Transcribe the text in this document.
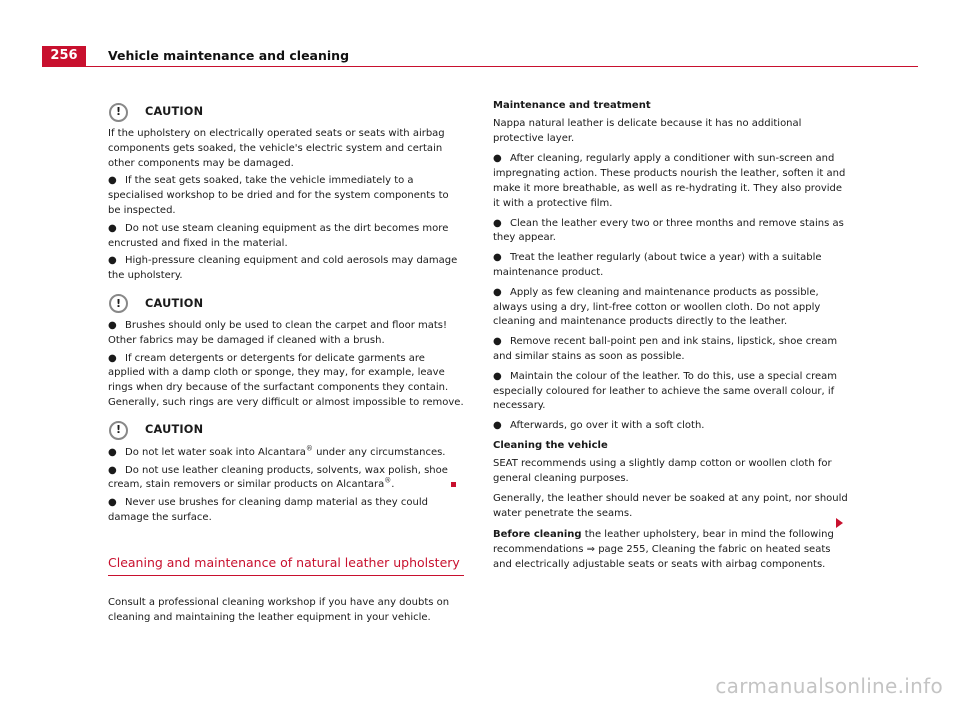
256	Vehicle maintenance and cleaning
!	CAUTION

If the upholstery on electrically operated seats or seats with airbag components gets soaked, the vehicle's electric system and certain other components may be damaged.

● If the seat gets soaked, take the vehicle immediately to a specialised workshop to be dried and for the system components to be inspected.

● Do not use steam cleaning equipment as the dirt becomes more encrusted and fixed in the material.

● High-pressure cleaning equipment and cold aerosols may damage the upholstery.

!	CAUTION

● Brushes should only be used to clean the carpet and floor mats! Other fabrics may be damaged if cleaned with a brush.

● If cream detergents or detergents for delicate garments are applied with a damp cloth or sponge, they may, for example, leave rings when dry because of the surfactant components they contain. Generally, such rings are very difficult or almost impossible to remove.

!	CAUTION

● Do not let water soak into Alcantara® under any circumstances.

● Do not use leather cleaning products, solvents, wax polish, shoe cream, stain removers or similar products on Alcantara®.

● Never use brushes for cleaning damp material as they could damage the surface.

Cleaning and maintenance of natural leather upholstery

Consult a professional cleaning workshop if you have any doubts on cleaning and maintaining the leather equipment in your vehicle.

Maintenance and treatment

Nappa natural leather is delicate because it has no additional protective layer.

● After cleaning, regularly apply a conditioner with sun-screen and impregnating action. These products nourish the leather, soften it and make it more breathable, as well as re-hydrating it. They also provide it with a protective film.

● Clean the leather every two or three months and remove stains as they appear.

● Treat the leather regularly (about twice a year) with a suitable maintenance product.

● Apply as few cleaning and maintenance products as possible, always using a dry, lint-free cotton or woollen cloth. Do not apply cleaning and maintenance products directly to the leather.

● Remove recent ball-point pen and ink stains, lipstick, shoe cream and similar stains as soon as possible.

● Maintain the colour of the leather. To do this, use a special cream especially coloured for leather to achieve the same overall colour, if necessary.

● Afterwards, go over it with a soft cloth.

Cleaning the vehicle

SEAT recommends using a slightly damp cotton or woollen cloth for general cleaning purposes.

Generally, the leather should never be soaked at any point, nor should water penetrate the seams.

Before cleaning the leather upholstery, bear in mind the following recommendations ⇒ page 255, Cleaning the fabric on heated seats and electrically adjustable seats or seats with airbag components.

carmanualsonline.info
